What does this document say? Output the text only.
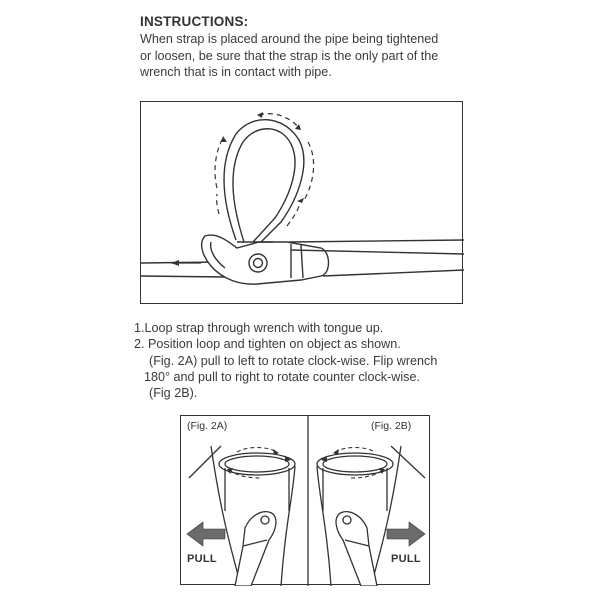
INSTRUCTIONS:
When strap is placed around the pipe being tightened
or loosen, be sure that the strap is the only part of the
wrench that is in contact with pipe.
1.Loop strap through wrench with tongue up.
2. Position loop and tighten on object as shown.
(Fig. 2A) pull to left to rotate clock-wise. Flip wrench
180° and pull to right to rotate counter clock-wise.
(Fig 2B).
(Fig. 2A)	(Fig. 2B)
PULL	PULL
